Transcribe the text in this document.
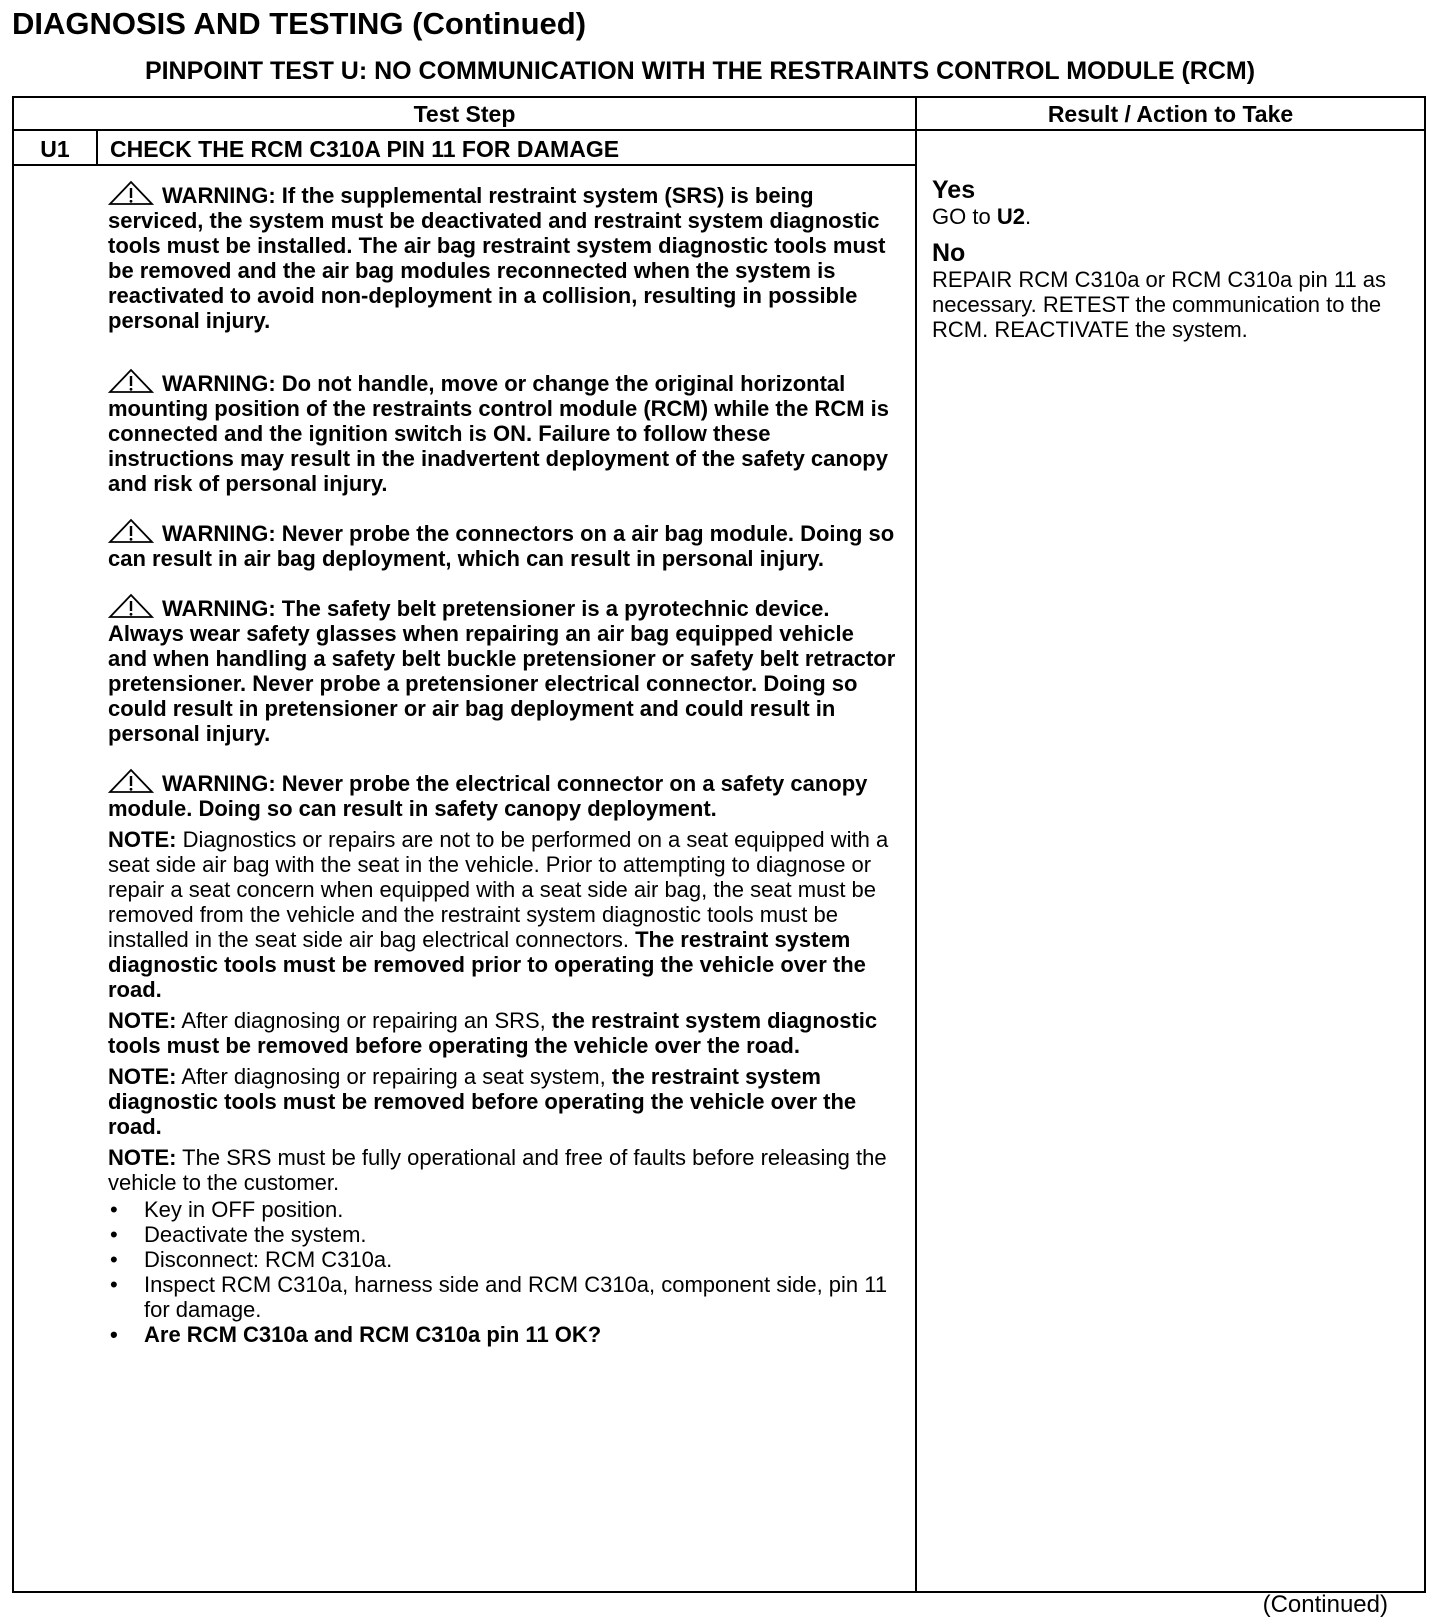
DIAGNOSIS AND TESTING (Continued)
PINPOINT TEST U: NO COMMUNICATION WITH THE RESTRAINTS CONTROL MODULE (RCM)
Test Step	Result / Action to Take
U1	CHECK THE RCM C310A PIN 11 FOR DAMAGE

WARNING: If the supplemental restraint system (SRS) is being serviced, the system must be deactivated and restraint system diagnostic tools must be installed. The air bag restraint system diagnostic tools must be removed and the air bag modules reconnected when the system is reactivated to avoid non-deployment in a collision, resulting in possible personal injury.

WARNING: Do not handle, move or change the original horizontal mounting position of the restraints control module (RCM) while the RCM is connected and the ignition switch is ON. Failure to follow these instructions may result in the inadvertent deployment of the safety canopy and risk of personal injury.

WARNING: Never probe the connectors on a air bag module. Doing so can result in air bag deployment, which can result in personal injury.

WARNING: The safety belt pretensioner is a pyrotechnic device. Always wear safety glasses when repairing an air bag equipped vehicle and when handling a safety belt buckle pretensioner or safety belt retractor pretensioner. Never probe a pretensioner electrical connector. Doing so could result in pretensioner or air bag deployment and could result in personal injury.

WARNING: Never probe the electrical connector on a safety canopy module. Doing so can result in safety canopy deployment.

NOTE: Diagnostics or repairs are not to be performed on a seat equipped with a seat side air bag with the seat in the vehicle. Prior to attempting to diagnose or repair a seat concern when equipped with a seat side air bag, the seat must be removed from the vehicle and the restraint system diagnostic tools must be installed in the seat side air bag electrical connectors. The restraint system diagnostic tools must be removed prior to operating the vehicle over the road.

NOTE: After diagnosing or repairing an SRS, the restraint system diagnostic tools must be removed before operating the vehicle over the road.

NOTE: After diagnosing or repairing a seat system, the restraint system diagnostic tools must be removed before operating the vehicle over the road.

NOTE: The SRS must be fully operational and free of faults before releasing the vehicle to the customer.

• Key in OFF position.
• Deactivate the system.
• Disconnect: RCM C310a.
• Inspect RCM C310a, harness side and RCM C310a, component side, pin 11 for damage.
• Are RCM C310a and RCM C310a pin 11 OK?
Yes
GO to U2.
No
REPAIR RCM C310a or RCM C310a pin 11 as necessary. RETEST the communication to the RCM. REACTIVATE the system.
(Continued)
